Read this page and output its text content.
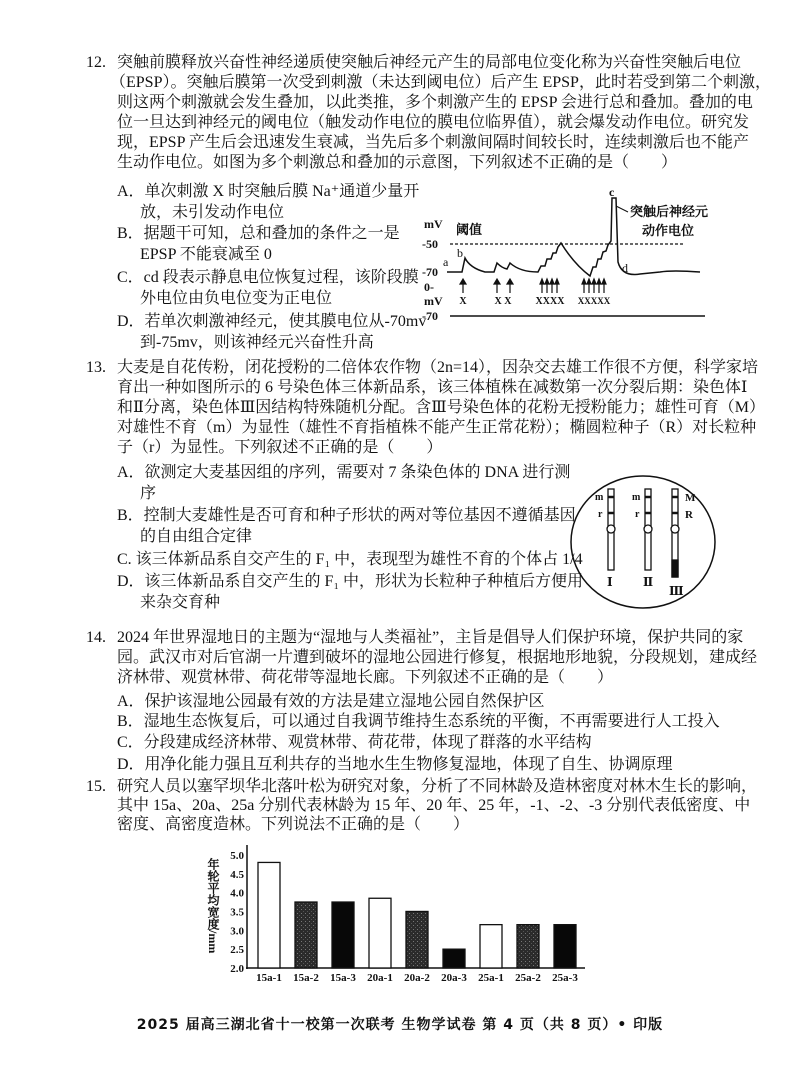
12. 突触前膜释放兴奋性神经递质使突触后神经元产生的局部电位变化称为兴奋性突触后电位
（EPSP）。突触后膜第一次受到刺激（未达到阈电位）后产生 EPSP，此时若受到第二个刺激，
则这两个刺激就会发生叠加，以此类推，多个刺激产生的 EPSP 会进行总和叠加。叠加的电
位一旦达到神经元的阈电位（触发动作电位的膜电位临界值），就会爆发动作电位。研究发
现，EPSP 产生后会迅速发生衰减，当先后多个刺激间隔时间较长时，连续刺激后也不能产
生动作电位。如图为多个刺激总和叠加的示意图，下列叙述不正确的是（　　）
A．单次刺激 X 时突触后膜 Na⁺通道少量开
放，未引发动作电位
B．据题干可知，总和叠加的条件之一是
EPSP 不能衰减至 0
C．cd 段表示静息电位恢复过程，该阶段膜
外电位由负电位变为正电位
D．若单次刺激神经元，使其膜电位从-70mv
到-75mv，则该神经元兴奋性升高
mV 阈值
-50
-70
0-
mV
-70
a
b
c
d
突触后神经元
动作电位
X	X X XXXX XXXXX
13. 大麦是自花传粉，闭花授粉的二倍体农作物（2n=14），因杂交去雄工作很不方便，科学家培
育出一种如图所示的 6 号染色体三体新品系，该三体植株在减数第一次分裂后期：染色体Ⅰ
和Ⅱ分离，染色体Ⅲ因结构特殊随机分配。含Ⅲ号染色体的花粉无授粉能力；雄性可育（M）
对雄性不育（m）为显性（雄性不育指植株不能产生正常花粉）；椭圆粒种子（R）对长粒种
子（r）为显性。下列叙述不正确的是（　　）
A．欲测定大麦基因组的序列，需要对 7 条染色体的 DNA 进行测
序
B．控制大麦雄性是否可育和种子形状的两对等位基因不遵循基因
的自由组合定律
C. 该三体新品系自交产生的 F₁ 中，表现型为雄性不育的个体占 1/4
D．该三体新品系自交产生的 F₁ 中，形状为长粒种子种植后方便用
来杂交育种
m
r
m
r
M
R
Ⅰ	Ⅱ
Ⅲ
14. 2024 年世界湿地日的主题为“湿地与人类福祉”，主旨是倡导人们保护环境，保护共同的家
园。武汉市对后官湖一片遭到破坏的湿地公园进行修复，根据地形地貌，分段规划，建成经
济林带、观赏林带、荷花带等湿地长廊。下列叙述不正确的是（　　）
A．保护该湿地公园最有效的方法是建立湿地公园自然保护区
B．湿地生态恢复后，可以通过自我调节维持生态系统的平衡，不再需要进行人工投入
C．分段建成经济林带、观赏林带、荷花带，体现了群落的水平结构
D．用净化能力强且互利共存的当地水生生物修复湿地，体现了自生、协调原理
15. 研究人员以塞罕坝华北落叶松为研究对象，分析了不同林龄及造林密度对林木生长的影响，
其中 15a、20a、25a 分别代表林龄为 15 年、20 年、25 年，-1、-2、-3 分别代表低密度、中
密度、高密度造林。下列说法不正确的是（　　）
年轮平均宽度/mm
2.0
2.5
3.0
3.5
4.0
4.5
5.0
15a-1 15a-2 15a-3 20a-1 20a-2 20a-3 25a-1 25a-2 25a-3
2025 届高三湖北省十一校第一次联考 生物学试卷 第 4 页（共 8 页）• 印版
